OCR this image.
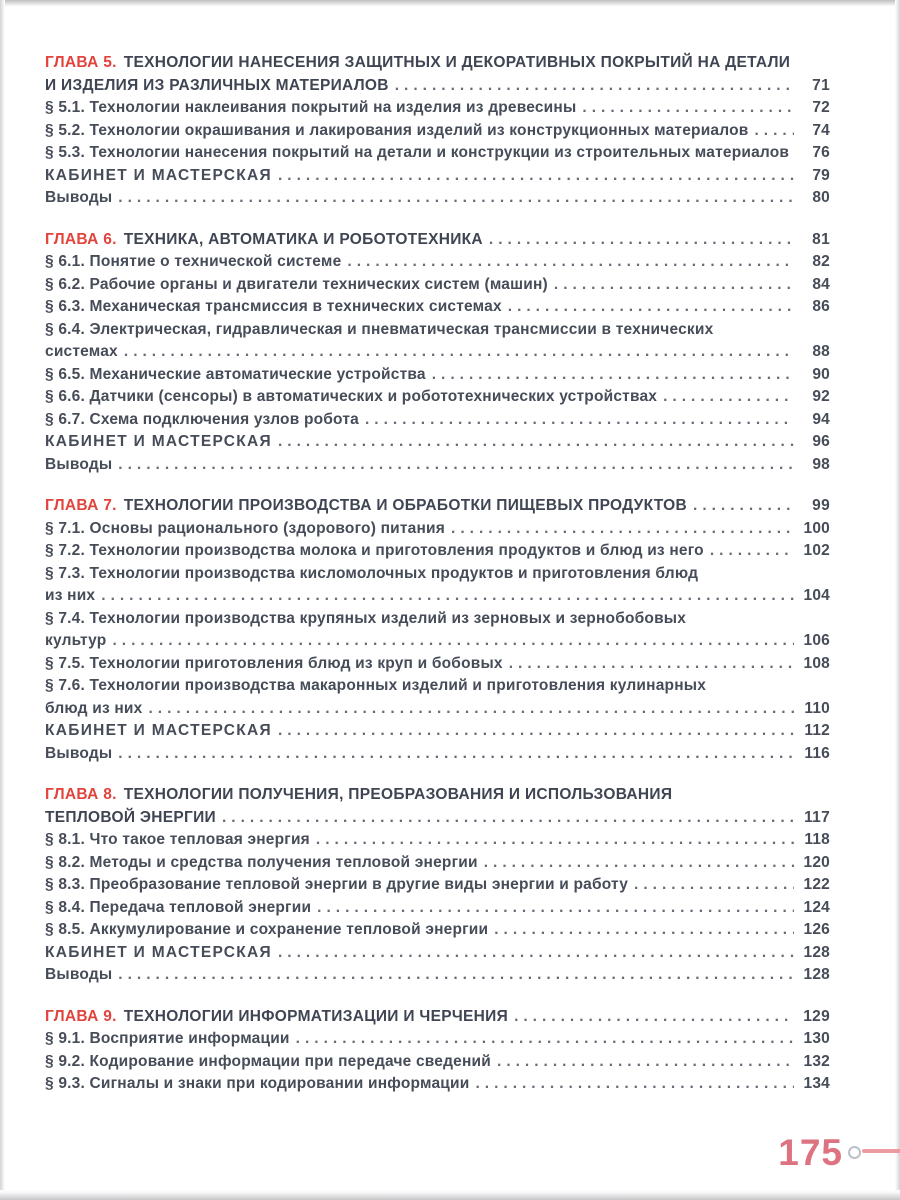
ГЛАВА 5. ТЕХНОЛОГИИ НАНЕСЕНИЯ ЗАЩИТНЫХ И ДЕКОРАТИВНЫХ ПОКРЫТИЙ НА ДЕТАЛИ
И ИЗДЕЛИЯ ИЗ РАЗЛИЧНЫХ МАТЕРИАЛОВ .....	71
§ 5.1. Технологии наклеивания покрытий на изделия из древесины .....	72
§ 5.2. Технологии окрашивания и лакирования изделий из конструкционных материалов .....	74
§ 5.3. Технологии нанесения покрытий на детали и конструкции из строительных материалов .....	76
КАБИНЕТ И МАСТЕРСКАЯ .....	79
Выводы .....	80
ГЛАВА 6. ТЕХНИКА, АВТОМАТИКА И РОБОТОТЕХНИКА .....	81
§ 6.1. Понятие о технической системе .....	82
§ 6.2. Рабочие органы и двигатели технических систем (машин) .....	84
§ 6.3. Механическая трансмиссия в технических системах .....	86
§ 6.4. Электрическая, гидравлическая и пневматическая трансмиссии в технических
системах .....	88
§ 6.5. Механические автоматические устройства .....	90
§ 6.6. Датчики (сенсоры) в автоматических и робототехнических устройствах .....	92
§ 6.7. Схема подключения узлов робота .....	94
КАБИНЕТ И МАСТЕРСКАЯ .....	96
Выводы .....	98
ГЛАВА 7. ТЕХНОЛОГИИ ПРОИЗВОДСТВА И ОБРАБОТКИ ПИЩЕВЫХ ПРОДУКТОВ .....	99
§ 7.1. Основы рационального (здорового) питания .....	100
§ 7.2. Технологии производства молока и приготовления продуктов и блюд из него .....	102
§ 7.3. Технологии производства кисломолочных продуктов и приготовления блюд
из них .....	104
§ 7.4. Технологии производства крупяных изделий из зерновых и зернобобовых
культур .....	106
§ 7.5. Технологии приготовления блюд из круп и бобовых .....	108
§ 7.6. Технологии производства макаронных изделий и приготовления кулинарных
блюд из них .....	110
КАБИНЕТ И МАСТЕРСКАЯ .....	112
Выводы .....	116
ГЛАВА 8. ТЕХНОЛОГИИ ПОЛУЧЕНИЯ, ПРЕОБРАЗОВАНИЯ И ИСПОЛЬЗОВАНИЯ
ТЕПЛОВОЙ ЭНЕРГИИ .....	117
§ 8.1. Что такое тепловая энергия .....	118
§ 8.2. Методы и средства получения тепловой энергии .....	120
§ 8.3. Преобразование тепловой энергии в другие виды энергии и работу .....	122
§ 8.4. Передача тепловой энергии .....	124
§ 8.5. Аккумулирование и сохранение тепловой энергии .....	126
КАБИНЕТ И МАСТЕРСКАЯ .....	128
Выводы .....	128
ГЛАВА 9. ТЕХНОЛОГИИ ИНФОРМАТИЗАЦИИ И ЧЕРЧЕНИЯ .....	129
§ 9.1. Восприятие информации .....	130
§ 9.2. Кодирование информации при передаче сведений .....	132
§ 9.3. Сигналы и знаки при кодировании информации .....	134
175
